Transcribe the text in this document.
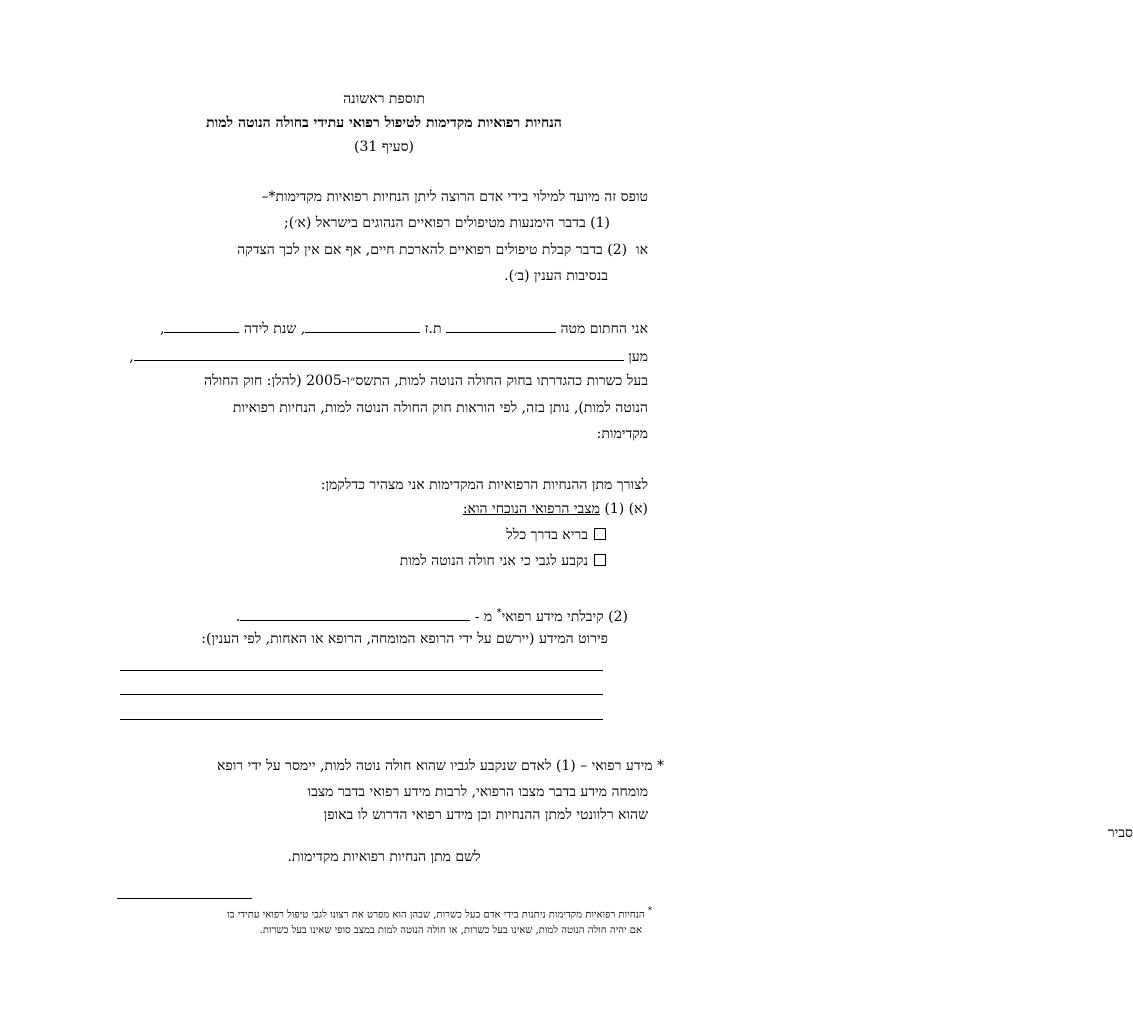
תוספת ראשונה
הנחיות רפואיות מקדימות לטיפול רפואי עתידי בחולה הנוטה למות
(סעיף 31)
טופס זה מיועד למילוי בידי אדם הרוצה ליתן הנחיות רפואיות מקדימות*–
(1) בדבר הימנעות מטיפולים רפואיים הנהוגים בישראל (א׳);
או  (2) בדבר קבלת טיפולים רפואיים להארכת חיים, אף אם אין לכך הצדקה
בנסיבות הענין (ב׳).
אני החתום מטה  ת.ז , שנת לידה ,
מען ,
בעל כשרות כהגדרתו בחוק החולה הנוטה למות, התשס״ו-2005 (להלן: חוק החולה
הנוטה למות), נותן בזה, לפי הוראות חוק החולה הנוטה למות, הנחיות רפואיות
מקדימות:
לצורך מתן ההנחיות הרפואיות המקדימות אני מצהיר כדלקמן:
(א) (1) מצבי הרפואי הנוכחי הוא:
בריא בדרך כלל
נקבע לגבי כי אני חולה הנוטה למות
(2) קיבלתי מידע רפואי* מ - .
פירוט המידע (יירשם על ידי הרופא המומחה, הרופא או האחות, לפי הענין):
* מידע רפואי – (1) לאדם שנקבע לגביו שהוא חולה נוטה למות, יימסר על ידי רופא
מומחה מידע בדבר מצבו הרפואי, לרבות מידע רפואי בדבר מצבו
שהוא רלוונטי למתן ההנחיות וכן מידע רפואי הדרוש לו באופן
סביר
לשם מתן הנחיות רפואיות מקדימות.
* הנחיות רפואיות מקדימות ניתנות בידי אדם בעל כשרות, שבהן הוא מפרט את רצונו לגבי טיפול רפואי עתידי בו
אם יהיה חולה הנוטה למות, שאינו בעל כשרות, או חולה הנוטה למות במצב סופי שאינו בעל כשרות.
